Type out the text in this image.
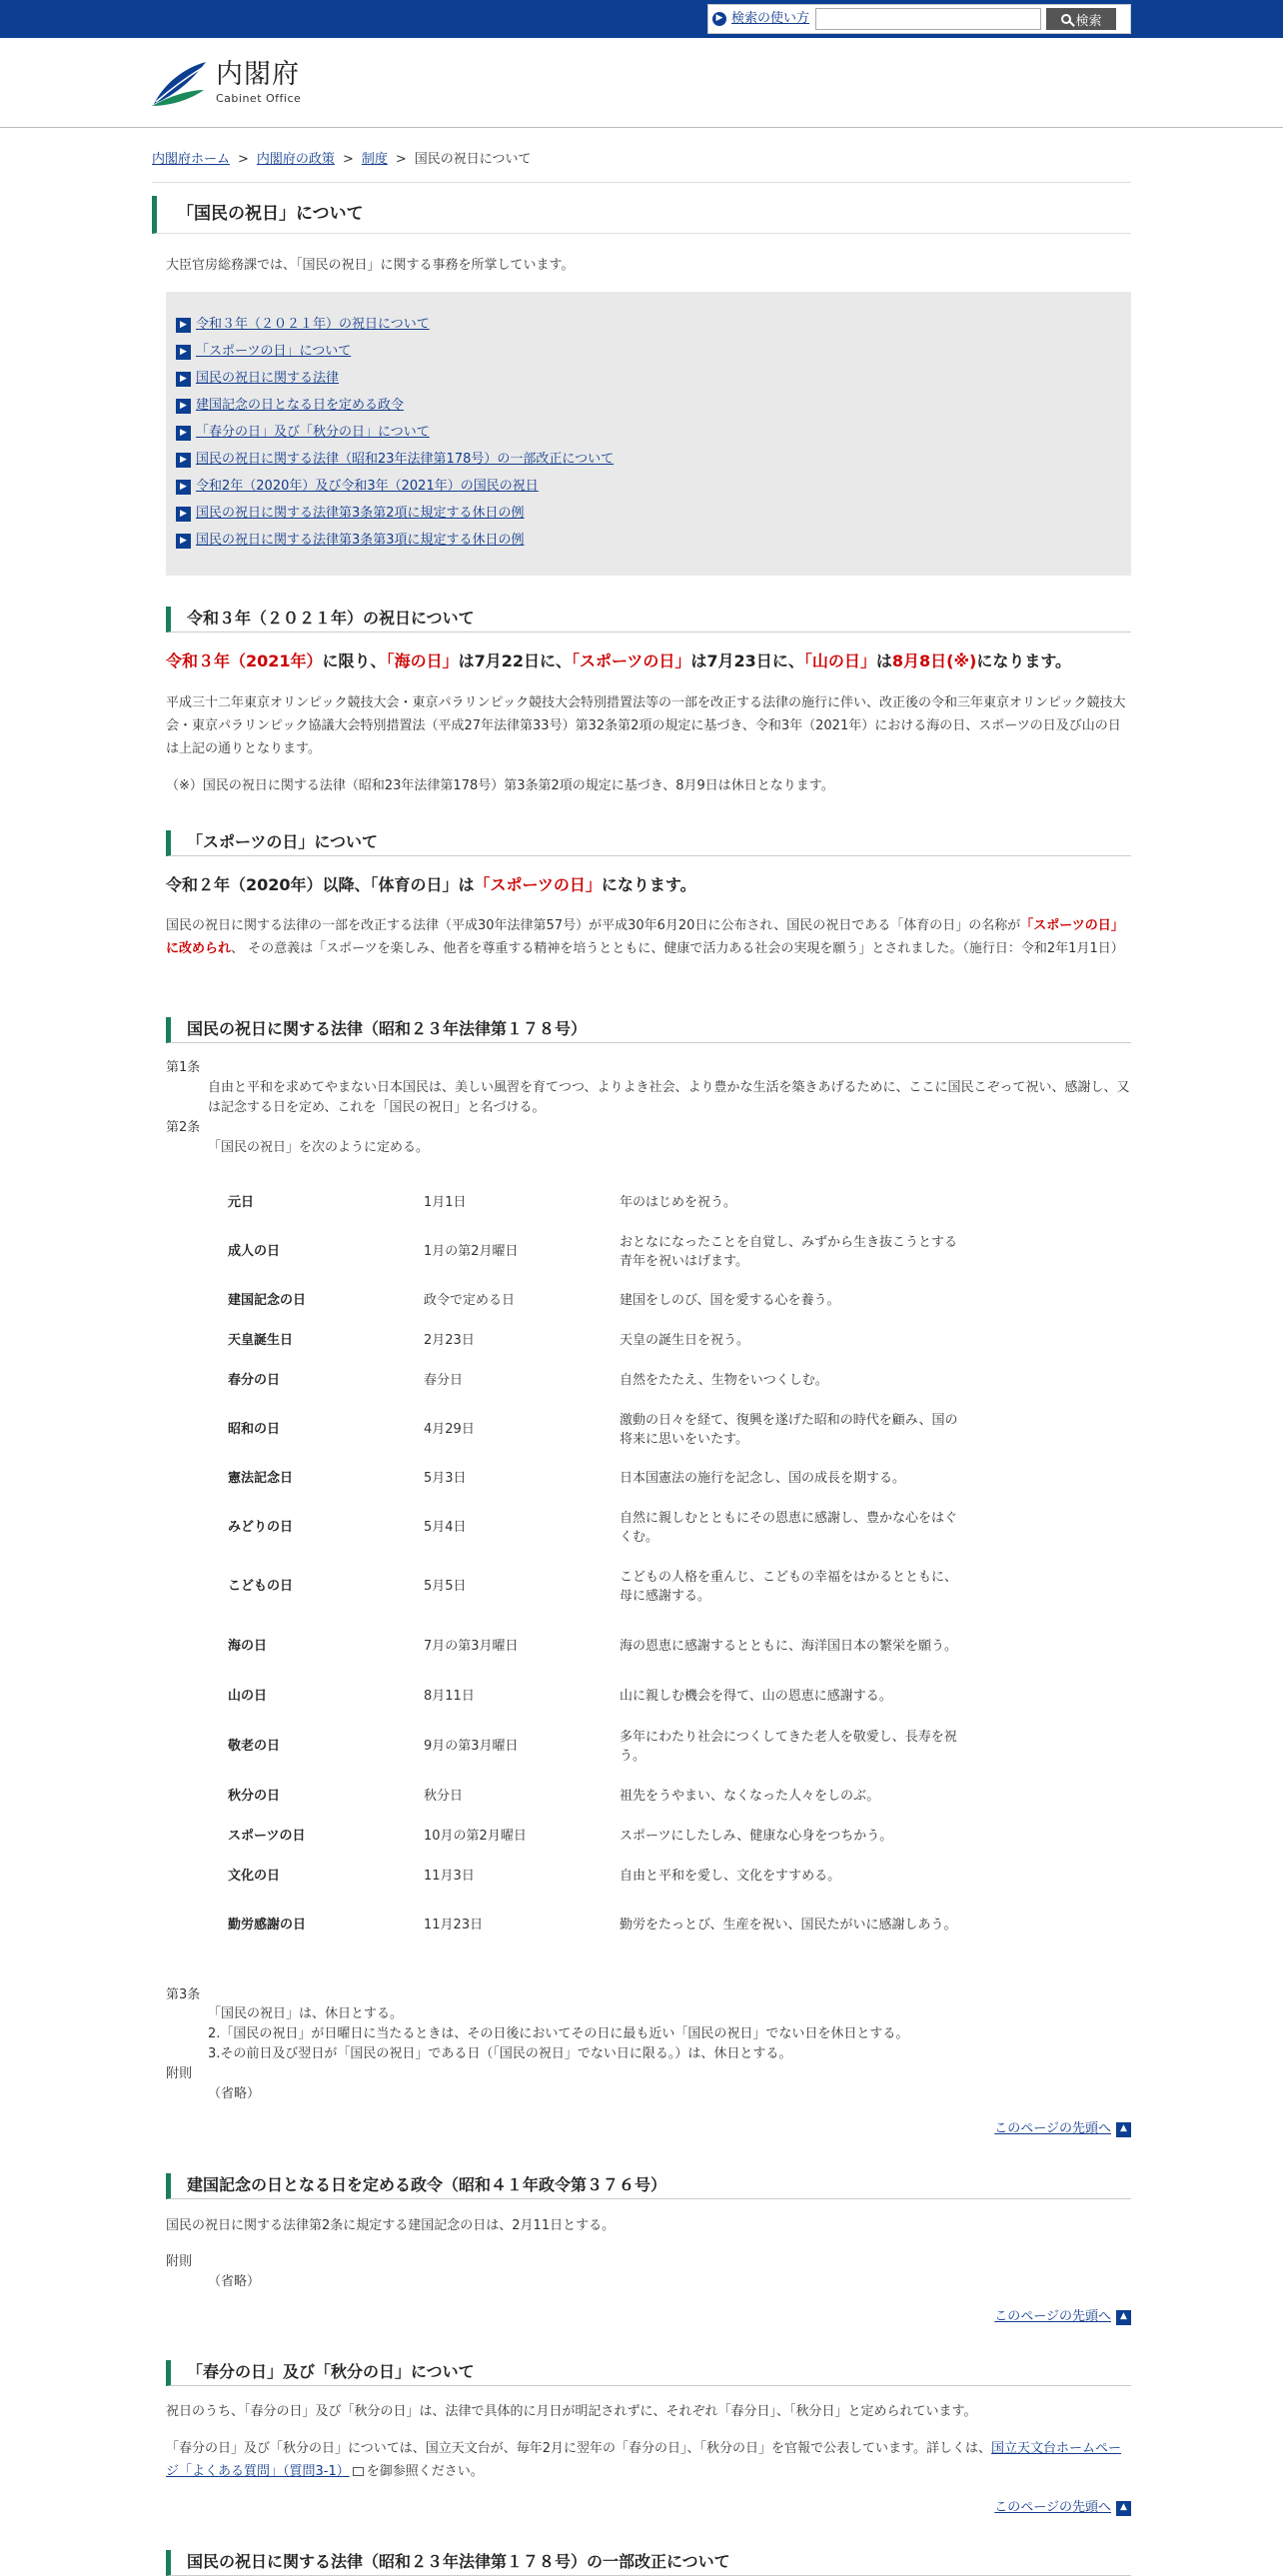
▶ 検索の使い方	検索
内閣府
Cabinet Office
内閣府ホーム > 内閣府の政策 > 制度 > 国民の祝日について
「国民の祝日」について
大臣官房総務課では、「国民の祝日」に関する事務を所掌しています。
▶ 令和３年（２０２１年）の祝日について
▶ 「スポーツの日」について
▶ 国民の祝日に関する法律
▶ 建国記念の日となる日を定める政令
▶ 「春分の日」及び「秋分の日」について
▶ 国民の祝日に関する法律（昭和23年法律第178号）の一部改正について
▶ 令和2年（2020年）及び令和3年（2021年）の国民の祝日
▶ 国民の祝日に関する法律第3条第2項に規定する休日の例
▶ 国民の祝日に関する法律第3条第3項に規定する休日の例
令和３年（２０２１年）の祝日について
令和３年（2021年）に限り、「海の日」は7月22日に、「スポーツの日」は7月23日に、「山の日」は8月8日(※)になります。
平成三十二年東京オリンピック競技大会・東京パラリンピック競技大会特別措置法等の一部を改正する法律の施行に伴い、改正後の令和三年東京オリンピック競技大会・東京パラリンピック協議大会特別措置法（平成27年法律第33号）第32条第2項の規定に基づき、令和3年（2021年）における海の日、スポーツの日及び山の日は上記の通りとなります。
（※）国民の祝日に関する法律（昭和23年法律第178号）第3条第2項の規定に基づき、8月9日は休日となります。
「スポーツの日」について
令和２年（2020年）以降、「体育の日」は「スポーツの日」になります。
国民の祝日に関する法律の一部を改正する法律（平成30年法律第57号）が平成30年6月20日に公布され、国民の祝日である「体育の日」の名称が「スポーツの日」に改められ、 その意義は「スポーツを楽しみ、他者を尊重する精神を培うとともに、健康で活力ある社会の実現を願う」とされました。（施行日：令和2年1月1日）
国民の祝日に関する法律（昭和２３年法律第１７８号）
第1条
自由と平和を求めてやまない日本国民は、美しい風習を育てつつ、よりよき社会、より豊かな生活を築きあげるために、ここに国民こぞって祝い、感謝し、又は記念する日を定め、これを「国民の祝日」と名づける。
第2条
「国民の祝日」を次のように定める。
元日	1月1日	年のはじめを祝う。
成人の日	1月の第2月曜日	おとなになったことを自覚し、みずから生き抜こうとする青年を祝いはげます。
建国記念の日	政令で定める日	建国をしのび、国を愛する心を養う。
天皇誕生日	2月23日	天皇の誕生日を祝う。
春分の日	春分日	自然をたたえ、生物をいつくしむ。
昭和の日	4月29日	激動の日々を経て、復興を遂げた昭和の時代を顧み、国の将来に思いをいたす。
憲法記念日	5月3日	日本国憲法の施行を記念し、国の成長を期する。
みどりの日	5月4日	自然に親しむとともにその恩恵に感謝し、豊かな心をはぐくむ。
こどもの日	5月5日	こどもの人格を重んじ、こどもの幸福をはかるとともに、母に感謝する。
海の日	7月の第3月曜日	海の恩恵に感謝するとともに、海洋国日本の繁栄を願う。
山の日	8月11日	山に親しむ機会を得て、山の恩恵に感謝する。
敬老の日	9月の第3月曜日	多年にわたり社会につくしてきた老人を敬愛し、長寿を祝う。
秋分の日	秋分日	祖先をうやまい、なくなった人々をしのぶ。
スポーツの日	10月の第2月曜日	スポーツにしたしみ、健康な心身をつちかう。
文化の日	11月3日	自由と平和を愛し、文化をすすめる。
勤労感謝の日	11月23日	勤労をたっとび、生産を祝い、国民たがいに感謝しあう。
第3条
「国民の祝日」は、休日とする。
2.「国民の祝日」が日曜日に当たるときは、その日後においてその日に最も近い「国民の祝日」でない日を休日とする。
3.その前日及び翌日が「国民の祝日」である日（「国民の祝日」でない日に限る。）は、休日とする。
附則
（省略）
このページの先頭へ	▲
建国記念の日となる日を定める政令（昭和４１年政令第３７６号）
国民の祝日に関する法律第2条に規定する建国記念の日は、2月11日とする。
附則
（省略）
このページの先頭へ	▲
「春分の日」及び「秋分の日」について
祝日のうち、「春分の日」及び「秋分の日」は、法律で具体的に月日が明記されずに、それぞれ「春分日」、「秋分日」と定められています。
「春分の日」及び「秋分の日」については、国立天文台が、毎年2月に翌年の「春分の日」、「秋分の日」を官報で公表しています。詳しくは、国立天文台ホームページ「よくある質問」（質問3-1） を御参照ください。
このページの先頭へ	▲
国民の祝日に関する法律（昭和２３年法律第１７８号）の一部改正について
